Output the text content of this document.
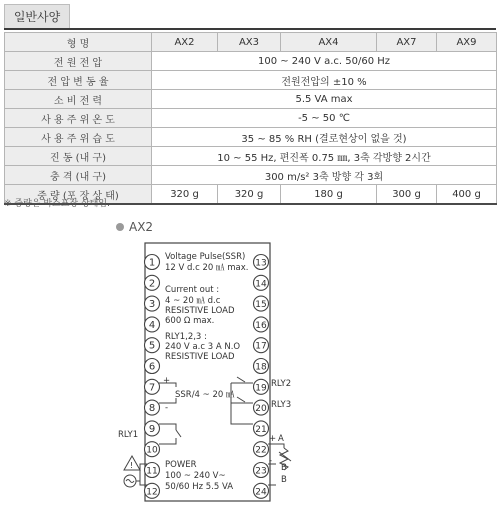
일반사양
형 명	AX2	AX3	AX4	AX7	AX9
전 원 전 압	100 ~ 240 V a.c. 50/60 Hz				
전 압 변 동 율	전원전압의 ±10 %				
소 비 전 력	5.5 VA max				
사 용 주 위 온 도	-5 ~ 50 ℃				
사 용 주 위 습 도	35 ~ 85 % RH (결로현상이 없을 것)				
진 동 (내 구)	10 ~ 55 Hz, 편진폭 0.75 ㎜, 3축 각방향 2시간				
충 격 (내 구)	300 m/s² 3축 방향 각 3회				
중 량 (포 장 상 태)	320 g	320 g	180 g	300 g	400 g
※ 중량은 박스포장 상태임.
AX2
1
2
3
4
5
6
7
8
9
10
11
12
13
14
15
16
17
18
19
20
21
22
23
24
Voltage Pulse(SSR)
12 V d.c 20 ㎃ max.
Current out :
4 ~ 20 ㎃ d.c
RESISTIVE LOAD
600 Ω max.
RLY1,2,3 :
240 V a.c 3 A N.O
RESISTIVE LOAD
SSR/4 ~ 20 ㎃
+
-
RLY1
RLY2
RLY3
POWER
100 ~ 240 V~
50/60 Hz 5.5 VA
+ A
-
B
B
!
